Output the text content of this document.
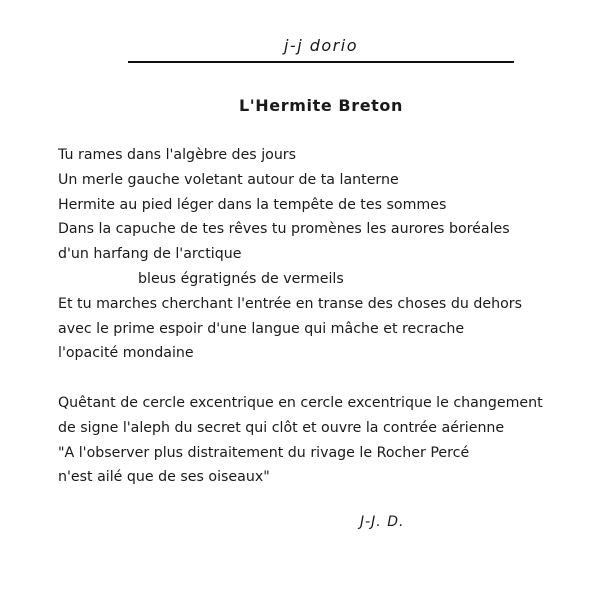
j-j dorio
L'Hermite Breton
Tu rames dans l'algèbre des jours
Un merle gauche voletant autour de ta lanterne
Hermite au pied léger dans la tempête de tes sommes
Dans la capuche de tes rêves tu promènes les aurores boréales
d'un harfang de l'arctique
bleus égratignés de vermeils
Et tu marches cherchant l'entrée en transe des choses du dehors
avec le prime espoir d'une langue qui mâche et recrache
l'opacité mondaine
Quêtant de cercle excentrique en cercle excentrique le changement
de signe l'aleph du secret qui clôt et ouvre la contrée aérienne
"A l'observer plus distraitement du rivage le Rocher Percé
n'est ailé que de ses oiseaux"
J-J. D.
